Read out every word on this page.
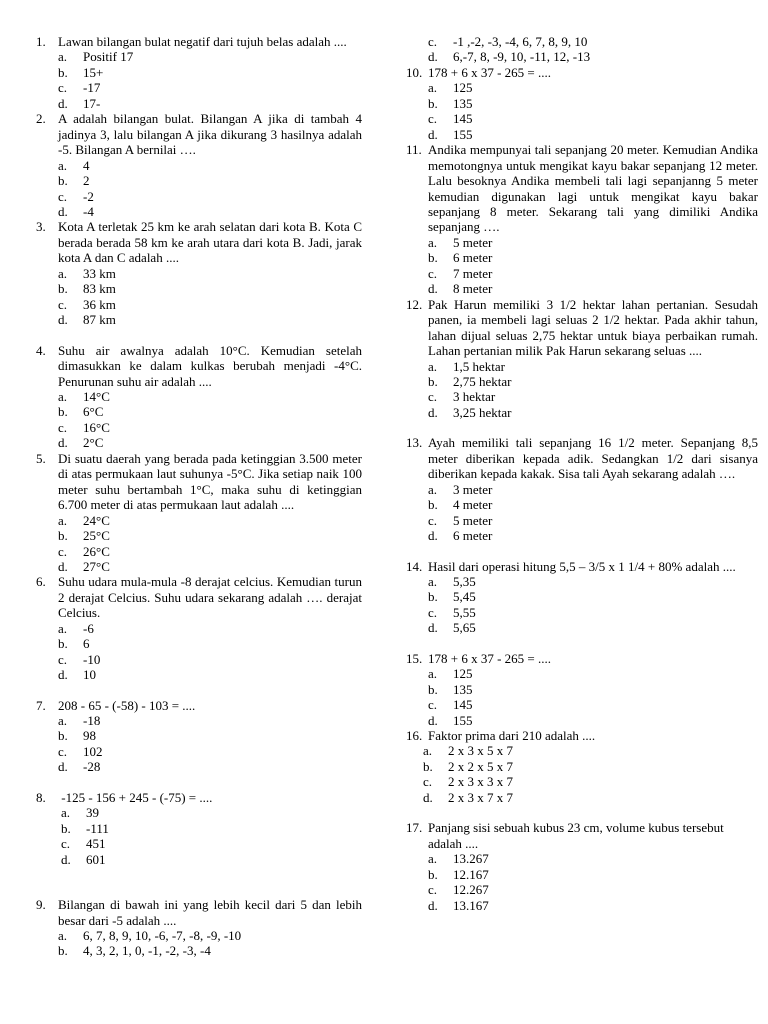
1. Lawan bilangan bulat negatif dari tujuh belas adalah ....
a. Positif 17
b. 15+
c. -17
d. 17-
2. A adalah bilangan bulat. Bilangan A jika di tambah 4 jadinya 3, lalu bilangan A jika dikurang 3 hasilnya adalah -5. Bilangan A bernilai ….
a. 4
b. 2
c. -2
d. -4
3. Kota A terletak 25 km ke arah selatan dari kota B. Kota C berada berada 58 km ke arah utara dari kota B. Jadi, jarak kota A dan C adalah ....
a. 33 km
b. 83 km
c. 36 km
d. 87 km
4. Suhu air awalnya adalah 10°C. Kemudian setelah dimasukkan ke dalam kulkas berubah menjadi -4°C. Penurunan suhu air adalah ....
a. 14°C
b. 6°C
c. 16°C
d. 2°C
5. Di suatu daerah yang berada pada ketinggian 3.500 meter di atas permukaan laut suhunya -5°C. Jika setiap naik 100 meter suhu bertambah 1°C, maka suhu di ketinggian 6.700 meter di atas permukaan laut adalah ....
a. 24°C
b. 25°C
c. 26°C
d. 27°C
6. Suhu udara mula-mula -8 derajat celcius. Kemudian turun 2 derajat Celcius. Suhu udara sekarang adalah …. derajat Celcius.
a. -6
b. 6
c. -10
d. 10
7. 208 - 65 - (-58) - 103 = ....
a. -18
b. 98
c. 102
d. -28
8. -125 - 156 + 245 - (-75) = ....
a. 39
b. -111
c. 451
d. 601
9. Bilangan di bawah ini yang lebih kecil dari 5 dan lebih besar dari -5 adalah ....
a. 6, 7, 8, 9, 10, -6, -7, -8, -9, -10
b. 4, 3, 2, 1, 0, -1, -2, -3, -4
c. -1 ,-2, -3, -4, 6, 7, 8, 9, 10
d. 6,-7, 8, -9, 10, -11, 12, -13
10. 178 + 6 x 37 - 265 = ....
a. 125
b. 135
c. 145
d. 155
11. Andika mempunyai tali sepanjang 20 meter. Kemudian Andika memotongnya untuk mengikat kayu bakar sepanjang 12 meter. Lalu besoknya Andika membeli tali lagi sepanjanng 5 meter kemudian digunakan lagi untuk mengikat kayu bakar sepanjang 8 meter. Sekarang tali yang dimiliki Andika sepanjang ….
a. 5 meter
b. 6 meter
c. 7 meter
d. 8 meter
12. Pak Harun memiliki 3 1/2 hektar lahan pertanian. Sesudah panen, ia membeli lagi seluas 2 1/2 hektar. Pada akhir tahun, lahan dijual seluas 2,75 hektar untuk biaya perbaikan rumah. Lahan pertanian milik Pak Harun sekarang seluas ....
a. 1,5 hektar
b. 2,75 hektar
c. 3 hektar
d. 3,25 hektar
13. Ayah memiliki tali sepanjang 16 1/2 meter. Sepanjang 8,5 meter diberikan kepada adik. Sedangkan 1/2 dari sisanya diberikan kepada kakak. Sisa tali Ayah sekarang adalah ….
a. 3 meter
b. 4 meter
c. 5 meter
d. 6 meter
14. Hasil dari operasi hitung 5,5 – 3/5 x 1 1/4 + 80% adalah ....
a. 5,35
b. 5,45
c. 5,55
d. 5,65
15. 178 + 6 x 37 - 265 = ....
a. 125
b. 135
c. 145
d. 155
16. Faktor prima dari 210 adalah ....
a. 2 x 3 x 5 x 7
b. 2 x 2 x 5 x 7
c. 2 x 3 x 3 x 7
d. 2 x 3 x 7 x 7
17. Panjang sisi sebuah kubus 23 cm, volume kubus tersebut adalah ....
a. 13.267
b. 12.167
c. 12.267
d. 13.167
